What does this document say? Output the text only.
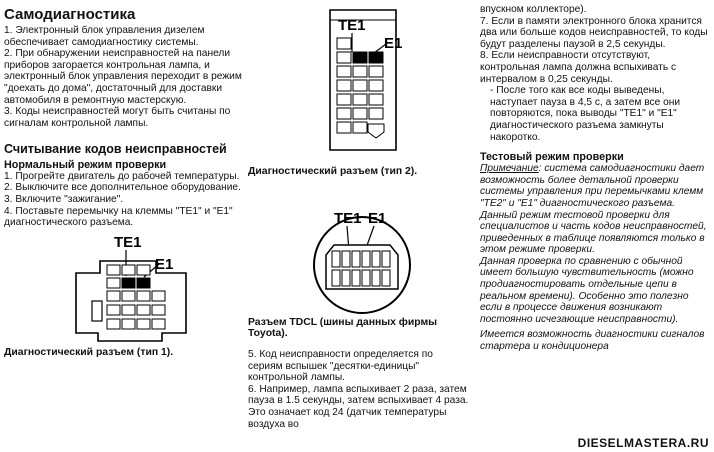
Самодиагностика

1. Электронный блок управления дизелем обеспечивает самодиагностику системы.

2. При обнаружении неисправностей на панели приборов загорается контрольная лампа, и электронный блок управления переходит в режим "доехать до дома", достаточный для доставки автомобиля в ремонтную мастерскую.

3. Коды неисправностей могут быть считаны по сигналам контрольной лампы.

Считывание кодов неисправностей
Нормальный режим проверки

1. Прогрейте двигатель до рабочей температуры.

2. Выключите все дополнительное оборудование.

3. Включите "зажигание".

4. Поставьте перемычку на клеммы "TE1" и "E1" диагностического разъема.

TE1
E1
Диагностический разъем (тип 1).
TE1
E1
Диагностический разъем (тип 2).
TE1 E1
Разъем TDCL (шины данных фирмы Toyota).

5. Код неисправности определяется по сериям вспышек "десятки-единицы" контрольной лампы.

6. Например, лампа вспыхивает 2 раза, затем пауза в 1.5 секунды, затем вспыхивает 4 раза. Это означает код 24 (датчик температуры воздуха во

впускном коллекторе).

7. Если в памяти электронного блока хранится два или больше кодов неисправностей, то коды будут разделены паузой в 2,5 секунды.

8. Если неисправности отсутствуют, контрольная лампа должна вспыхивать с интервалом в 0,25 секунды.

- После того как все коды выведены, наступает пауза в 4,5 с, а затем все они повторяются, пока выводы "TE1" и "E1" диагностического разъема замкнуты накоротко.

Тестовый режим проверки

Примечание: система самодиагностики дает возможность более детальной проверки системы управления при перемычками клемм "TE2" и "E1" диагностического разъема. Данный режим тестовой проверки для специалистов и часть кодов неисправностей, приведенных в таблице появляются только в этом режиме проверки.

Данная проверка по сравнению с обычной имеет большую чувствительность (можно продиагностировать отдельные цепи в реальном времени). Особенно это полезно если в процессе движения возникают постоянно исчезающие неисправности).

Имеется возможность диагностики сигналов стартера и кондиционера

DIESELMASTERA.RU
